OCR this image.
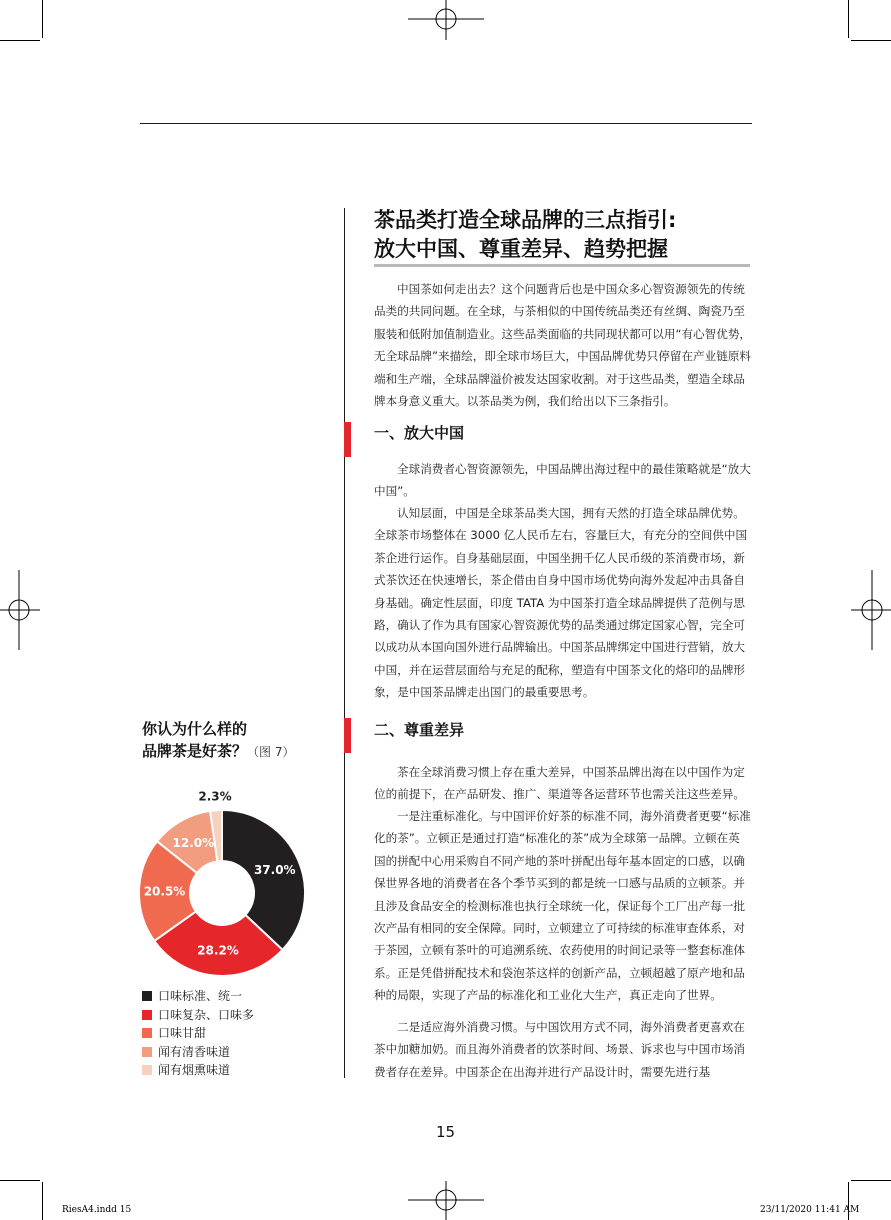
RiesA4.indd 15	23/11/2020 11:41 AM
茶品类打造全球品牌的三点指引:
放大中国、尊重差异、趋势把握
中国茶如何走出去？这个问题背后也是中国众多心智资源领先的传统品类的共同问题。在全球，与茶相似的中国传统品类还有丝绸、陶瓷乃至服装和低附加值制造业。这些品类面临的共同现状都可以用“有心智优势，无全球品牌”来描绘，即全球市场巨大，中国品牌优势只停留在产业链原料端和生产端，全球品牌溢价被发达国家收割。对于这些品类，塑造全球品牌本身意义重大。以茶品类为例，我们给出以下三条指引。
一、放大中国
全球消费者心智资源领先，中国品牌出海过程中的最佳策略就是“放大中国”。
认知层面，中国是全球茶品类大国，拥有天然的打造全球品牌优势。全球茶市场整体在 3000 亿人民币左右，容量巨大，有充分的空间供中国茶企进行运作。自身基础层面，中国坐拥千亿人民币级的茶消费市场，新式茶饮还在快速增长，茶企借由自身中国市场优势向海外发起冲击具备自身基础。确定性层面，印度 TATA 为中国茶打造全球品牌提供了范例与思路，确认了作为具有国家心智资源优势的品类通过绑定国家心智，完全可以成功从本国向国外进行品牌输出。中国茶品牌绑定中国进行营销，放大中国，并在运营层面给与充足的配称，塑造有中国茶文化的烙印的品牌形象，是中国茶品牌走出国门的最重要思考。
二、尊重差异
茶在全球消费习惯上存在重大差异，中国茶品牌出海在以中国作为定位的前提下，在产品研发、推广、渠道等各运营环节也需关注这些差异。
一是注重标准化。与中国评价好茶的标准不同，海外消费者更要“标准化的茶”。立顿正是通过打造“标准化的茶”成为全球第一品牌。立顿在英国的拼配中心用采购自不同产地的茶叶拼配出每年基本固定的口感，以确保世界各地的消费者在各个季节买到的都是统一口感与品质的立顿茶。并且涉及食品安全的检测标准也执行全球统一化，保证每个工厂出产每一批次产品有相同的安全保障。同时，立顿建立了可持续的标准审查体系，对于茶园，立顿有茶叶的可追溯系统、农药使用的时间记录等一整套标准体系。正是凭借拼配技术和袋泡茶这样的创新产品，立顿超越了原产地和品种的局限，实现了产品的标准化和工业化大生产，真正走向了世界。
二是适应海外消费习惯。与中国饮用方式不同，海外消费者更喜欢在茶中加糖加奶。而且海外消费者的饮茶时间、场景、诉求也与中国市场消费者存在差异。中国茶企在出海并进行产品设计时，需要先进行基
你认为什么样的
品牌茶是好茶？（图 7）
37.0%
28.2%
20.5%
12.0%
2.3%
口味标准、统一
口味复杂、口味多
口味甘甜
闻有清香味道
闻有烟熏味道
15
